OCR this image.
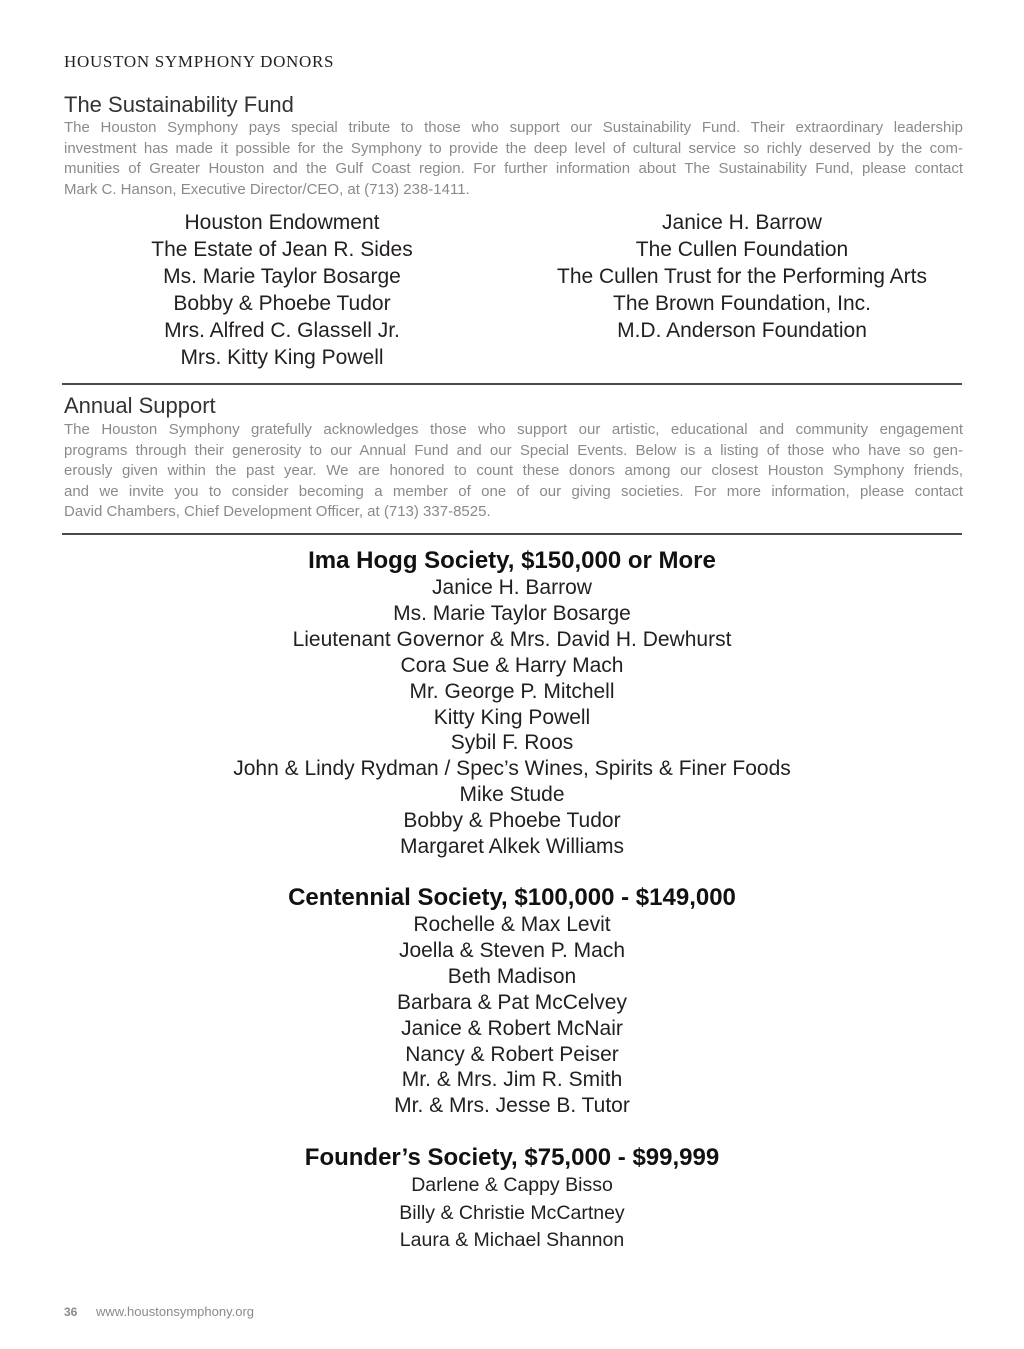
HOUSTON SYMPHONY DONORS
The Sustainability Fund
The Houston Symphony pays special tribute to those who support our Sustainability Fund. Their extraordinary leadership
investment has made it possible for the Symphony to provide the deep level of cultural service so richly deserved by the com-
munities of Greater Houston and the Gulf Coast region. For further information about The Sustainability Fund, please contact
Mark C. Hanson, Executive Director/CEO, at (713) 238-1411.
Houston Endowment
The Estate of Jean R. Sides
Ms. Marie Taylor Bosarge
Bobby & Phoebe Tudor
Mrs. Alfred C. Glassell Jr.
Mrs. Kitty King Powell
Janice H. Barrow
The Cullen Foundation
The Cullen Trust for the Performing Arts
The Brown Foundation, Inc.
M.D. Anderson Foundation
Annual Support
The Houston Symphony gratefully acknowledges those who support our artistic, educational and community engagement
programs through their generosity to our Annual Fund and our Special Events. Below is a listing of those who have so gen-
erously given within the past year. We are honored to count these donors among our closest Houston Symphony friends,
and we invite you to consider becoming a member of one of our giving societies. For more information, please contact
David Chambers, Chief Development Officer, at (713) 337-8525.
Ima Hogg Society, $150,000 or More
Janice H. Barrow
Ms. Marie Taylor Bosarge
Lieutenant Governor & Mrs. David H. Dewhurst
Cora Sue & Harry Mach
Mr. George P. Mitchell
Kitty King Powell
Sybil F. Roos
John & Lindy Rydman / Spec’s Wines, Spirits & Finer Foods
Mike Stude
Bobby & Phoebe Tudor
Margaret Alkek Williams
Centennial Society, $100,000 - $149,000
Rochelle & Max Levit
Joella & Steven P. Mach
Beth Madison
Barbara & Pat McCelvey
Janice & Robert McNair
Nancy & Robert Peiser
Mr. & Mrs. Jim R. Smith
Mr. & Mrs. Jesse B. Tutor
Founder’s Society, $75,000 - $99,999
Darlene & Cappy Bisso
Billy & Christie McCartney
Laura & Michael Shannon
36 www.houstonsymphony.org
